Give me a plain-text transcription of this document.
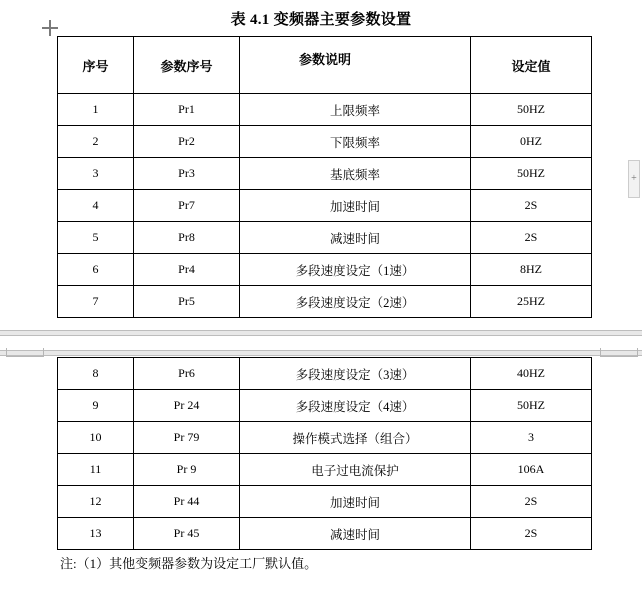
表 4.1 变频器主要参数设置
序号	参数序号	参数说明	设定值
1	Pr1	上限频率	50HZ
2	Pr2	下限频率	0HZ
3	Pr3	基底频率	50HZ
4	Pr7	加速时间	2S
5	Pr8	减速时间	2S
6	Pr4	多段速度设定（1速）	8HZ
7	Pr5	多段速度设定（2速）	25HZ
8	Pr6	多段速度设定（3速）	40HZ
9	Pr 24	多段速度设定（4速）	50HZ
10	Pr 79	操作模式选择（组合）	3
11	Pr 9	电子过电流保护	106A
12	Pr 44	加速时间	2S
13	Pr 45	减速时间	2S
注:（1）其他变频器参数为设定工厂默认值。
+
